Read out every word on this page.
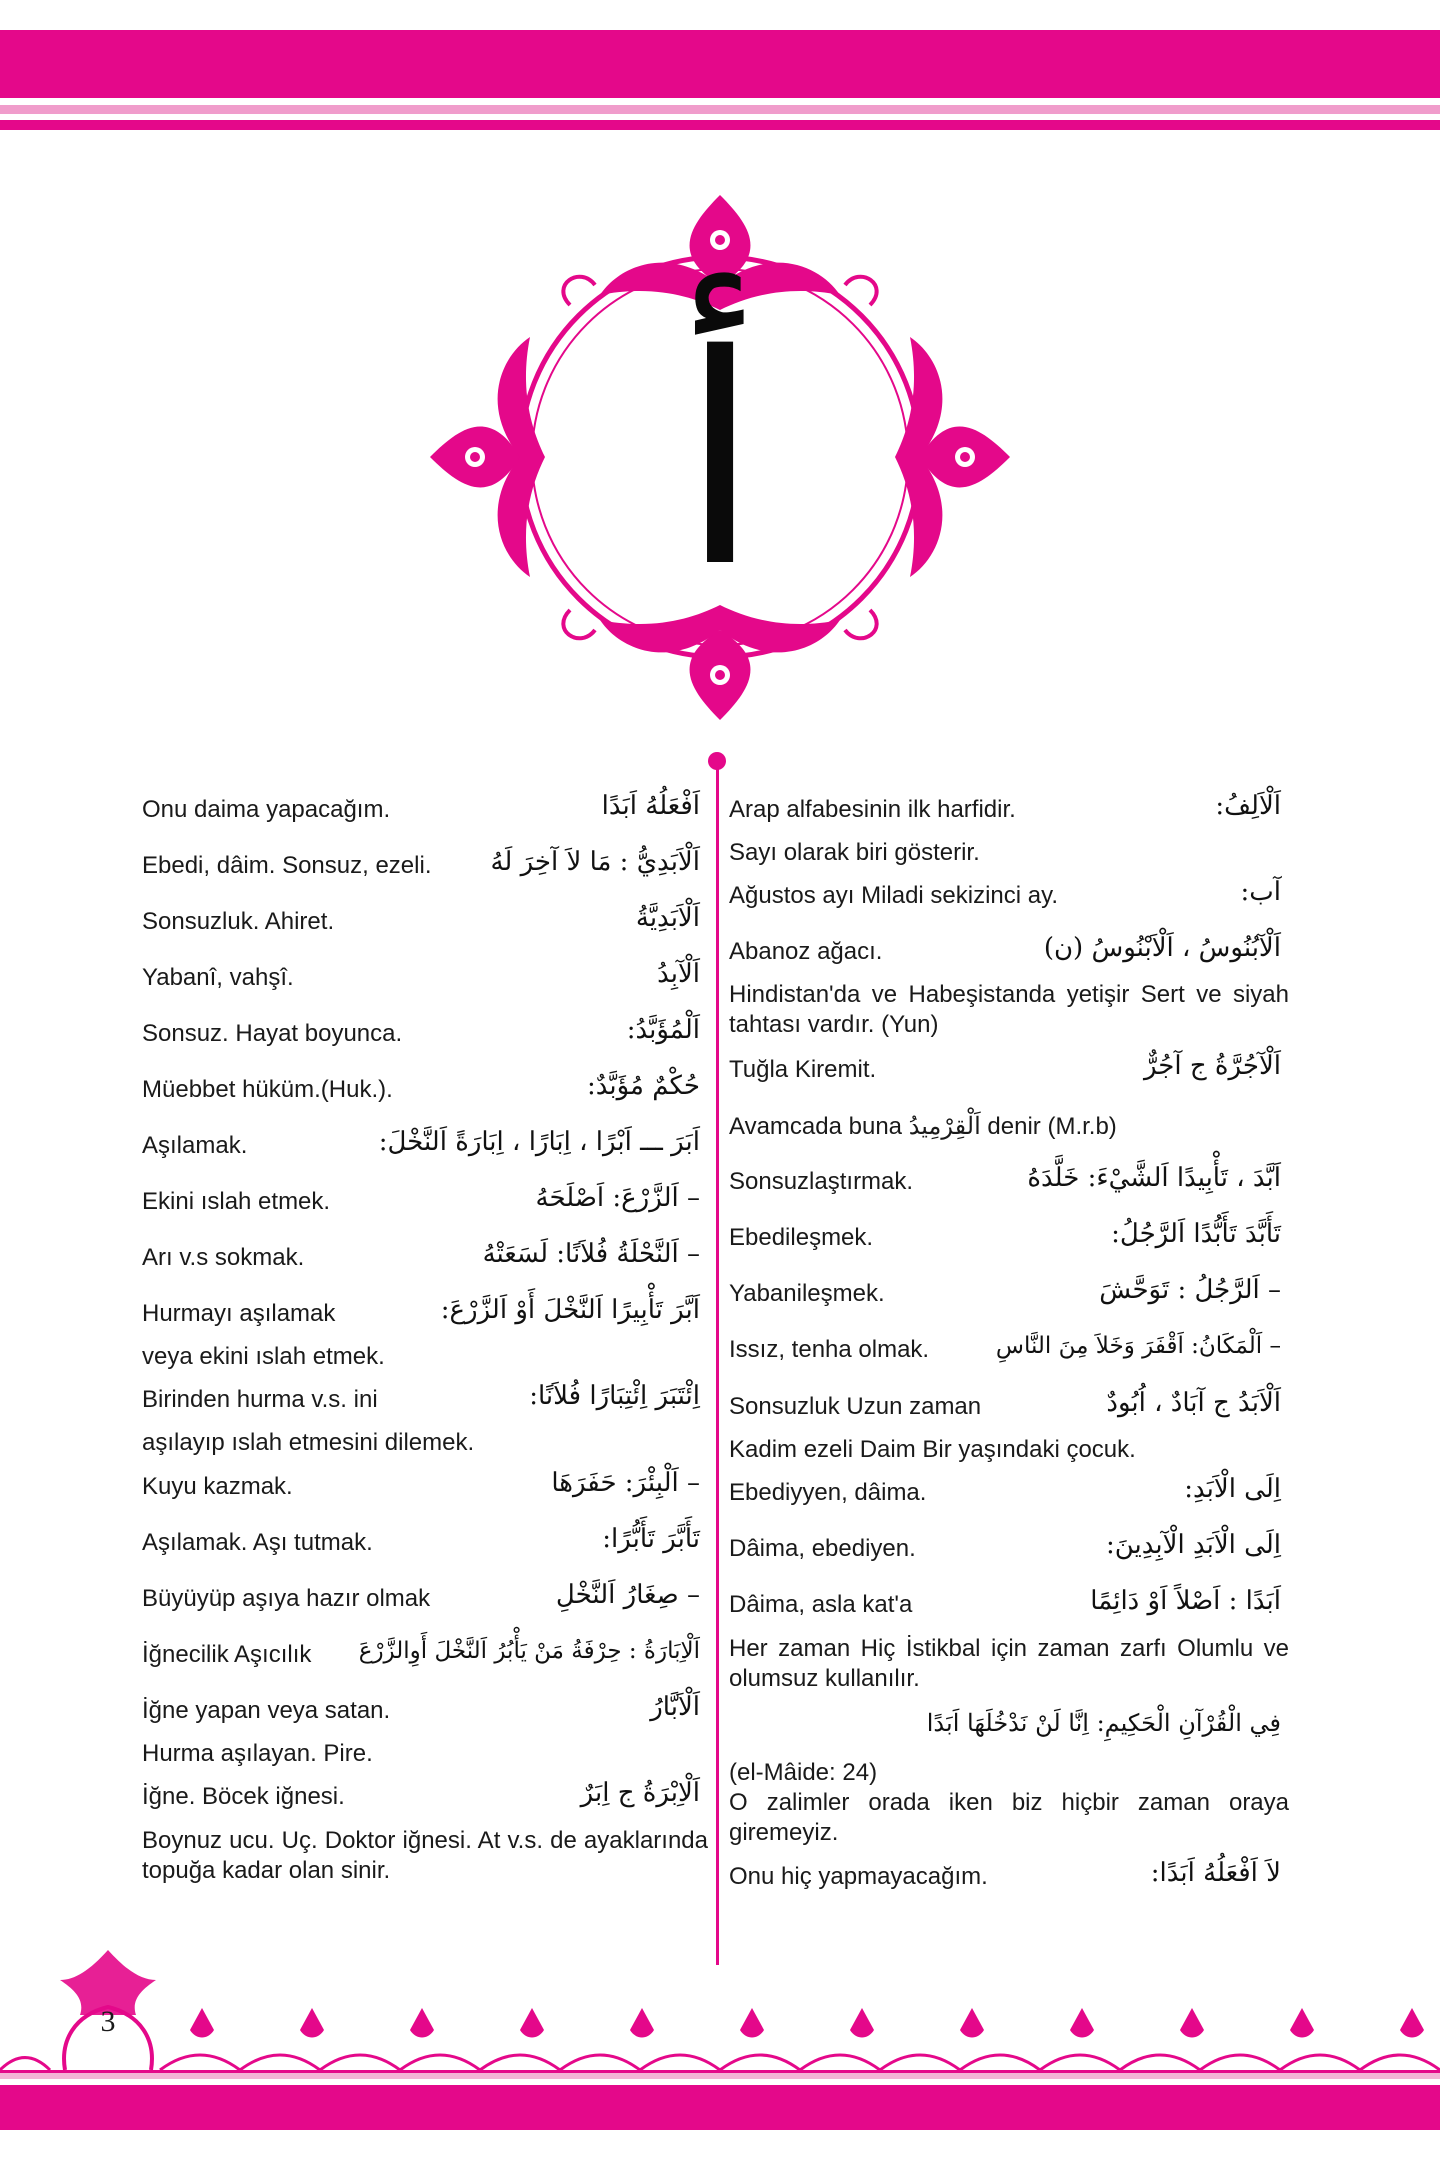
أ
Onu daima yapacağım.	اَفْعَلُهُ اَبَدًا
Ebedi, dâim. Sonsuz, ezeli. اَلْاَبَدِيُّ : مَا لاَ آخِرَ لَهُ
Sonsuzluk. Ahiret.	اَلْاَبَدِيَّةُ
Yabanî, vahşî.	اَلْآبِدُ
Sonsuz. Hayat boyunca.	اَلْمُؤَبَّدُ:
Müebbet hüküm.(Huk.).	حُكْمٌ مُؤَبَّدٌ:
Aşılamak.	اَبَرَ ـــ اَبْرًا ، اِبَارًا ، اِبَارَةً اَلنَّخْلَ:
Ekini ıslah etmek.	– اَلزَّرْعَ: اَصْلَحَهُ
Arı v.s sokmak.	– اَلنَّحْلَةُ فُلاَنًا: لَسَعَتْهُ
Hurmayı aşılamak	اَبَّرَ تَأْبِيرًا اَلنَّخْلَ أَوْ اَلزَّرْعَ:
veya ekini ıslah etmek.
Birinden hurma v.s. ini	اِئْتَبَرَ اِئْتِبَارًا فُلاَنًا:
aşılayıp ıslah etmesini dilemek.
Kuyu kazmak.	– اَلْبِئْرَ: حَفَرَهَا
Aşılamak. Aşı tutmak.	تَأَبَّرَ تَأَبُّرًا:
Büyüyüp aşıya hazır olmak	– صِغَارُ اَلنَّخْلِ
İğnecilik Aşıcılık اَلْاِبَارَةُ : حِرْفَةُ مَنْ يَأْبُرُ اَلنَّخْلَ أَوِالزَّرْعَ
İğne yapan veya satan.	اَلْاَبَّارُ
Hurma aşılayan. Pire.
İğne. Böcek iğnesi.	اَلْاِبْرَةُ ج اِبَرٌ
Boynuz ucu. Uç. Doktor iğnesi. At v.s. de ayaklarında topuğa kadar olan sinir.
Arap alfabesinin ilk harfidir.	اَلْاَلِفُ:
Sayı olarak biri gösterir.
Ağustos ayı Miladi sekizinci ay.	آب:
Abanoz ağacı.	اَلْآبُنُوسُ ، اَلْاَبْنُوسُ (ن)
Hindistan'da ve Habeşistanda yetişir Sert ve siyah tahtası vardır. (Yun)
Tuğla Kiremit.	اَلْآجُرَّةُ ج آجُرٌّ
Avamcada buna اَلْقِرْمِيدُ denir (M.r.b)
Sonsuzlaştırmak.	اَبَّدَ ، تَأْبِيدًا اَلشَّيْءَ: خَلَّدَهُ
Ebedileşmek.	تَأَبَّدَ تَأَبُّدًا اَلرَّجُلُ:
Yabanileşmek.	– اَلرَّجُلُ : تَوَحَّشَ
Issız, tenha olmak.	– اَلْمَكَانُ: اَقْفَرَ وَخَلاَ مِنَ النَّاسِ
Sonsuzluk Uzun zaman	اَلْاَبَدُ ج آبَادٌ ، اُبُودٌ
Kadim ezeli Daim Bir yaşındaki çocuk.
Ebediyyen, dâima.	اِلَى الْاَبَدِ:
Dâima, ebediyen.	اِلَى الْاَبَدِ الْآبِدِينَ:
Dâima, asla kat'a	اَبَدًا : اَصْلاً اَوْ دَائِمًا
Her zaman Hiç İstikbal için zaman zarfı Olumlu ve olumsuz kullanılır.
فِي الْقُرْآنِ الْحَكِيمِ: اِنَّا لَنْ نَدْخُلَهَا اَبَدًا
(el-Mâide: 24)
O zalimler orada iken biz hiçbir zaman oraya giremeyiz.
Onu hiç yapmayacağım.	لاَ اَفْعَلُهُ اَبَدًا:
3
